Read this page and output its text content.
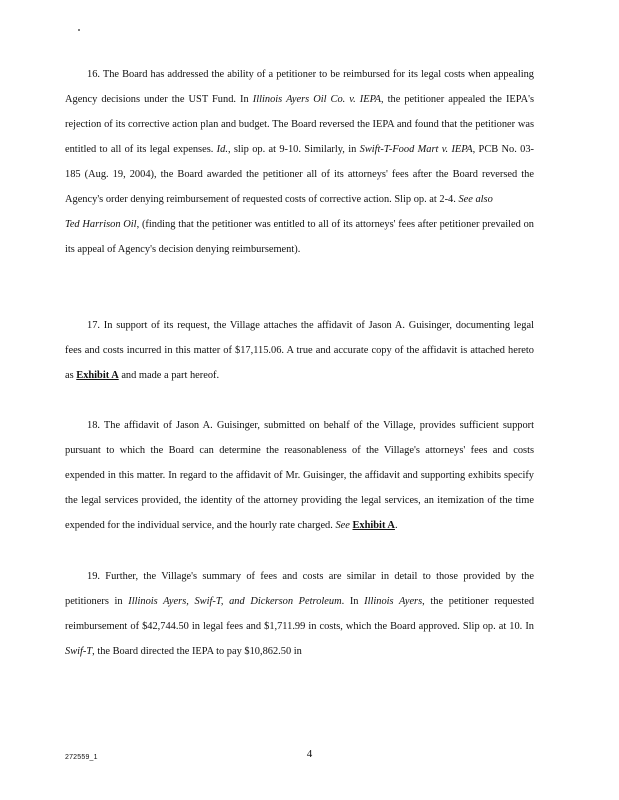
16. The Board has addressed the ability of a petitioner to be reimbursed for its legal costs when appealing Agency decisions under the UST Fund. In Illinois Ayers Oil Co. v. IEPA, the petitioner appealed the IEPA's rejection of its corrective action plan and budget. The Board reversed the IEPA and found that the petitioner was entitled to all of its legal expenses. Id., slip op. at 9-10. Similarly, in Swift-T-Food Mart v. IEPA, PCB No. 03-185 (Aug. 19, 2004), the Board awarded the petitioner all of its attorneys' fees after the Board reversed the Agency's order denying reimbursement of requested costs of corrective action. Slip op. at 2-4. See also
Ted Harrison Oil, (finding that the petitioner was entitled to all of its attorneys' fees after petitioner prevailed on its appeal of Agency's decision denying reimbursement).

17. In support of its request, the Village attaches the affidavit of Jason A. Guisinger, documenting legal fees and costs incurred in this matter of $17,115.06. A true and accurate copy of the affidavit is attached hereto as Exhibit A and made a part hereof.

18. The affidavit of Jason A. Guisinger, submitted on behalf of the Village, provides sufficient support pursuant to which the Board can determine the reasonableness of the Village's attorneys' fees and costs expended in this matter. In regard to the affidavit of Mr. Guisinger, the affidavit and supporting exhibits specify the legal services provided, the identity of the attorney providing the legal services, an itemization of the time expended for the individual service, and the hourly rate charged. See Exhibit A.

19. Further, the Village's summary of fees and costs are similar in detail to those provided by the petitioners in Illinois Ayers, Swif-T, and Dickerson Petroleum. In Illinois Ayers, the petitioner requested reimbursement of $42,744.50 in legal fees and $1,711.99 in costs, which the Board approved. Slip op. at 10. In Swif-T, the Board directed the IEPA to pay $10,862.50 in

272559_1	4
